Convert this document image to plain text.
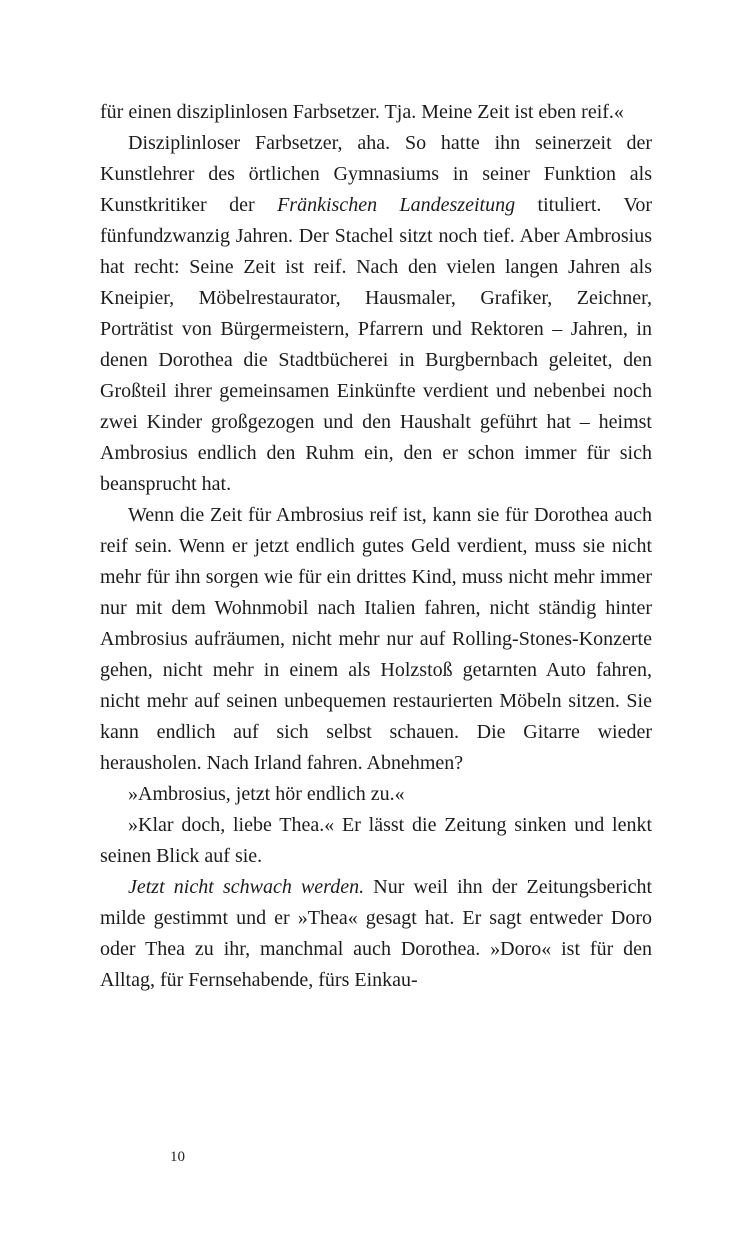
für einen disziplinlosen Farbsetzer. Tja. Meine Zeit ist eben reif.«

Disziplinloser Farbsetzer, aha. So hatte ihn seinerzeit der Kunstlehrer des örtlichen Gymnasiums in seiner Funktion als Kunstkritiker der Fränkischen Landeszeitung tituliert. Vor fünfundzwanzig Jahren. Der Stachel sitzt noch tief. Aber Ambrosius hat recht: Seine Zeit ist reif. Nach den vielen langen Jahren als Kneipier, Möbelrestaurator, Hausmaler, Grafiker, Zeichner, Porträtist von Bürgermeistern, Pfarrern und Rektoren – Jahren, in denen Dorothea die Stadtbücherei in Burgbernbach geleitet, den Großteil ihrer gemeinsamen Einkünfte verdient und nebenbei noch zwei Kinder großgezogen und den Haushalt geführt hat – heimst Ambrosius endlich den Ruhm ein, den er schon immer für sich beansprucht hat.

Wenn die Zeit für Ambrosius reif ist, kann sie für Dorothea auch reif sein. Wenn er jetzt endlich gutes Geld verdient, muss sie nicht mehr für ihn sorgen wie für ein drittes Kind, muss nicht mehr immer nur mit dem Wohnmobil nach Italien fahren, nicht ständig hinter Ambrosius aufräumen, nicht mehr nur auf Rolling-Stones-Konzerte gehen, nicht mehr in einem als Holzstoß getarnten Auto fahren, nicht mehr auf seinen unbequemen restaurierten Möbeln sitzen. Sie kann endlich auf sich selbst schauen. Die Gitarre wieder herausholen. Nach Irland fahren. Abnehmen?

»Ambrosius, jetzt hör endlich zu.«

»Klar doch, liebe Thea.« Er lässt die Zeitung sinken und lenkt seinen Blick auf sie.

Jetzt nicht schwach werden. Nur weil ihn der Zeitungsbericht milde gestimmt und er »Thea« gesagt hat. Er sagt entweder Doro oder Thea zu ihr, manchmal auch Dorothea. »Doro« ist für den Alltag, für Fernsehabende, fürs Einkau-

10
